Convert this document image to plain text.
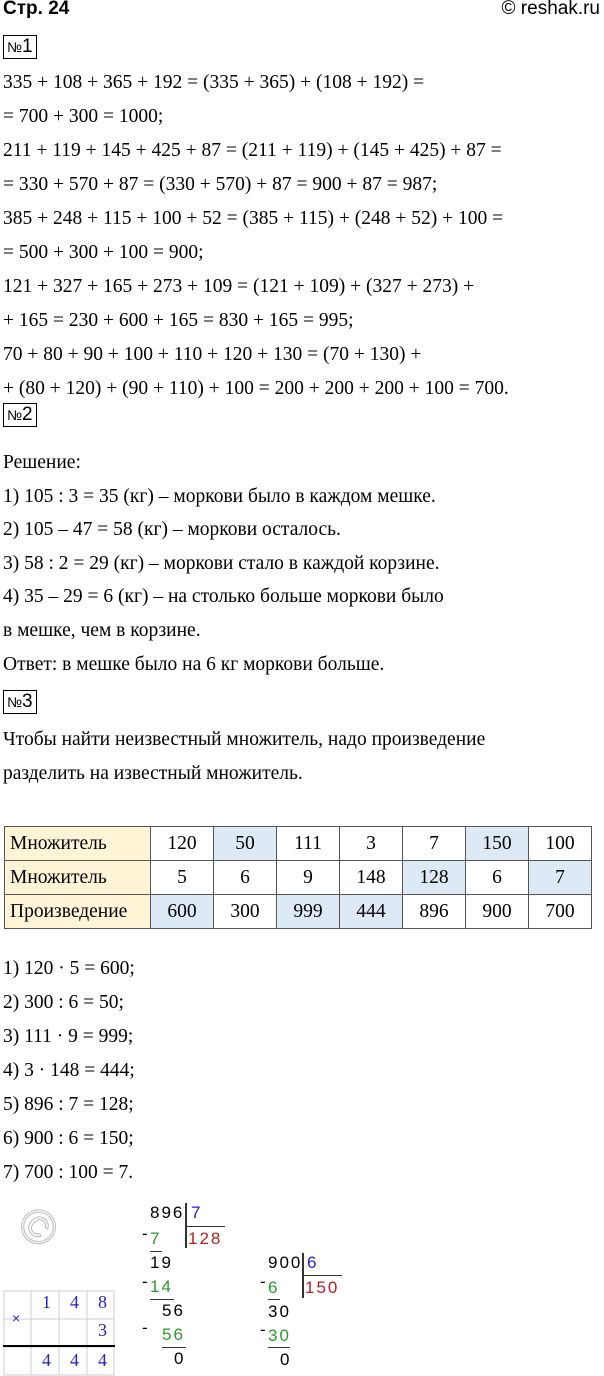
Стр. 24	© reshak.ru
№1
№2
№3
Множитель	120	50	111	3	7	150	100
Множитель	5	6	9	148	128	6	7
Произведение	600	300	999	444	896	900	700
×
©
335 + 108 + 365 + 192 = (335 + 365) + (108 + 192) =
= 700 + 300 = 1000;
211 + 119 + 145 + 425 + 87 = (211 + 119) + (145 + 425) + 87 =
= 330 + 570 + 87 = (330 + 570) + 87 = 900 + 87 = 987;
385 + 248 + 115 + 100 + 52 = (385 + 115) + (248 + 52) + 100 =
= 500 + 300 + 100 = 900;
121 + 327 + 165 + 273 + 109 = (121 + 109) + (327 + 273) +
+ 165 = 230 + 600 + 165 = 830 + 165 = 995;
70 + 80 + 90 + 100 + 110 + 120 + 130 = (70 + 130) +
+ (80 + 120) + (90 + 110) + 100 = 200 + 200 + 200 + 100 = 700.
Решение:
1) 105 : 3 = 35 (кг) – моркови было в каждом мешке.
2) 105 – 47 = 58 (кг) – моркови осталось.
3) 58 : 2 = 29 (кг) – моркови стало в каждой корзине.
4) 35 – 29 = 6 (кг) – на столько больше моркови было
в мешке, чем в корзине.
Ответ: в мешке было на 6 кг моркови больше.
Чтобы найти неизвестный множитель, надо произведение
разделить на известный множитель.
1) 120 · 5 = 600;
2) 300 : 6 = 50;
3) 111 · 9 = 999;
4) 3 · 148 = 444;
5) 896 : 7 = 128;
6) 900 : 6 = 150;
7) 700 : 100 = 7.
1 4 8
3
4 4 4
896 7
128
7
19
14
56
56
0
-
-
-
900 6
150
6
30
30
0
-
-
